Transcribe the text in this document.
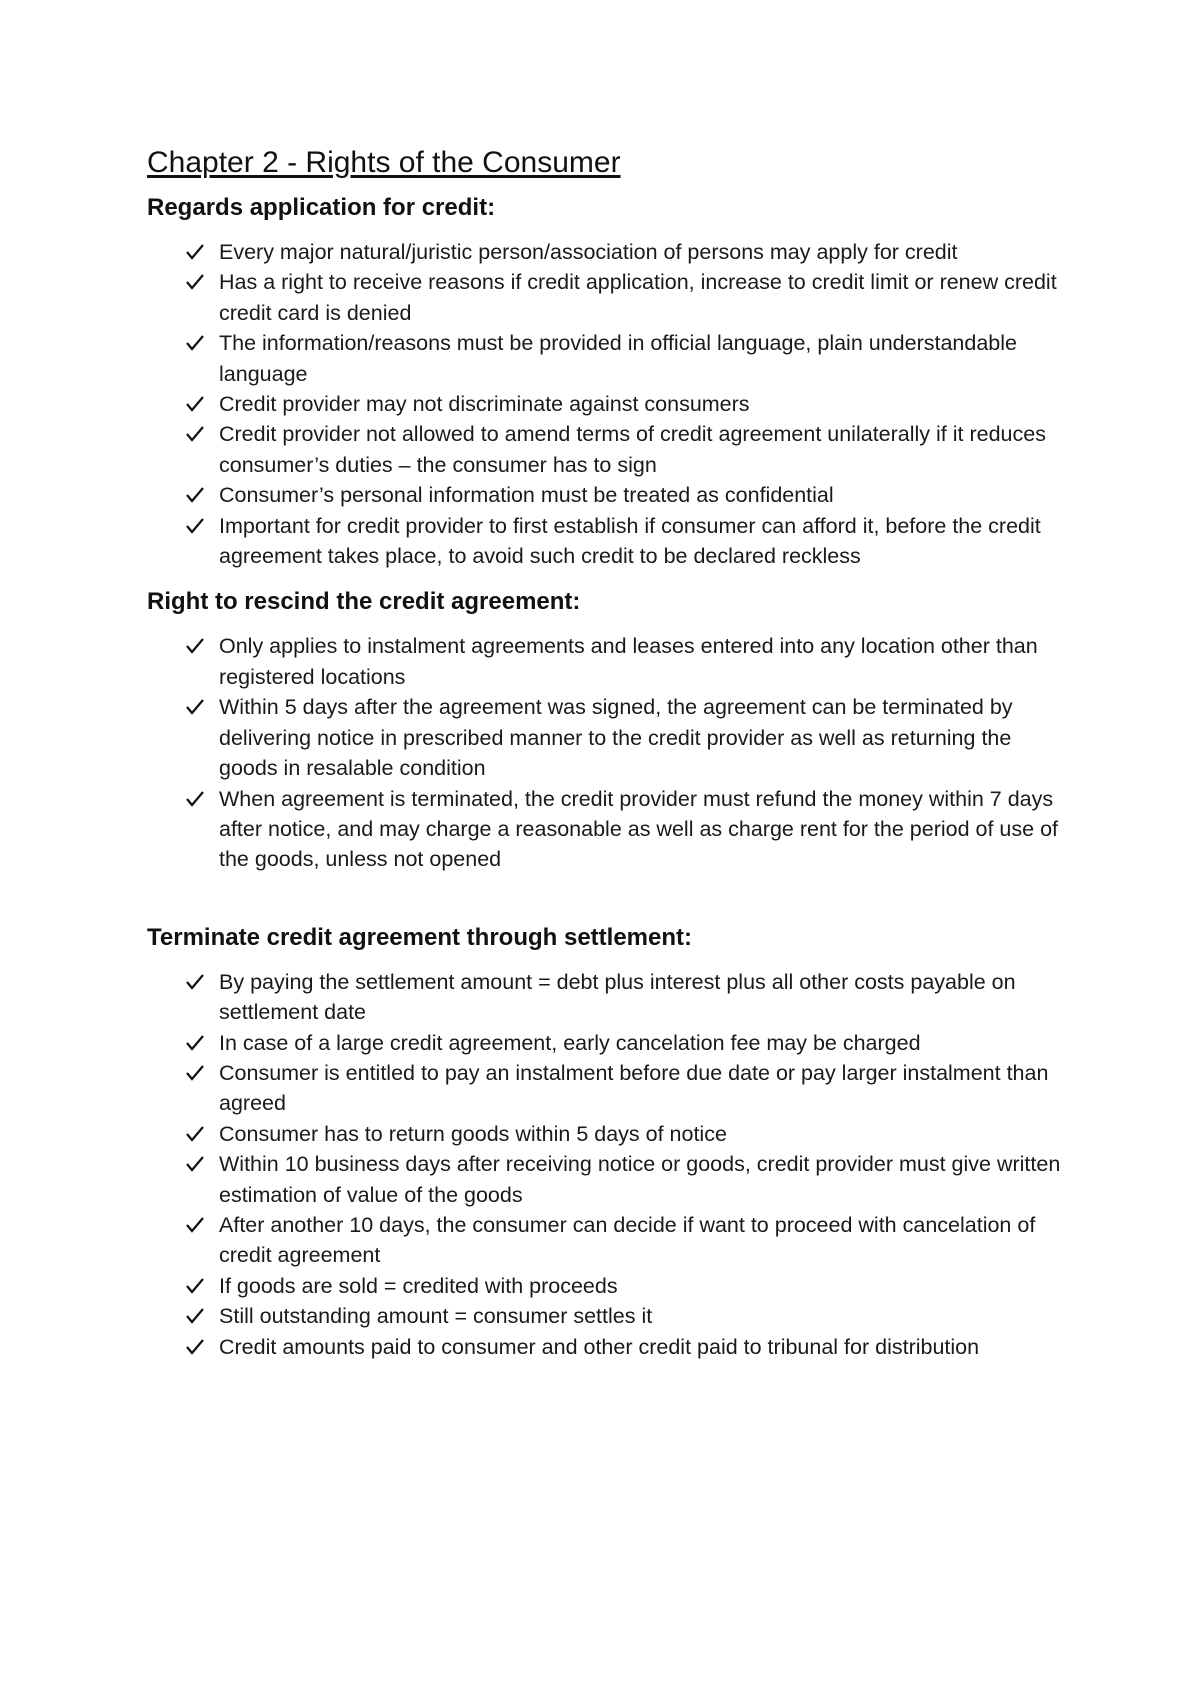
Chapter 2 - Rights of the Consumer
Regards application for credit:
Every major natural/juristic person/association of persons may apply for credit
Has a right to receive reasons if credit application, increase to credit limit or renew credit credit card is denied
The information/reasons must be provided in official language, plain understandable language
Credit provider may not discriminate against consumers
Credit provider not allowed to amend terms of credit agreement unilaterally if it reduces consumer’s duties – the consumer has to sign
Consumer’s personal information must be treated as confidential
Important for credit provider to first establish if consumer can afford it, before the credit agreement takes place, to avoid such credit to be declared reckless
Right to rescind the credit agreement:
Only applies to instalment agreements and leases entered into any location other than registered locations
Within 5 days after the agreement was signed, the agreement can be terminated by delivering notice in prescribed manner to the credit provider as well as returning the goods in resalable condition
When agreement is terminated, the credit provider must refund the money within 7 days after notice, and may charge a reasonable as well as charge rent for the period of use of the goods, unless not opened
Terminate credit agreement through settlement:
By paying the settlement amount = debt plus interest plus all other costs payable on settlement date
In case of a large credit agreement, early cancelation fee may be charged
Consumer is entitled to pay an instalment before due date or pay larger instalment than agreed
Consumer has to return goods within 5 days of notice
Within 10 business days after receiving notice or goods, credit provider must give written estimation of value of the goods
After another 10 days, the consumer can decide if want to proceed with cancelation of credit agreement
If goods are sold = credited with proceeds
Still outstanding amount = consumer settles it
Credit amounts paid to consumer and other credit paid to tribunal for distribution
